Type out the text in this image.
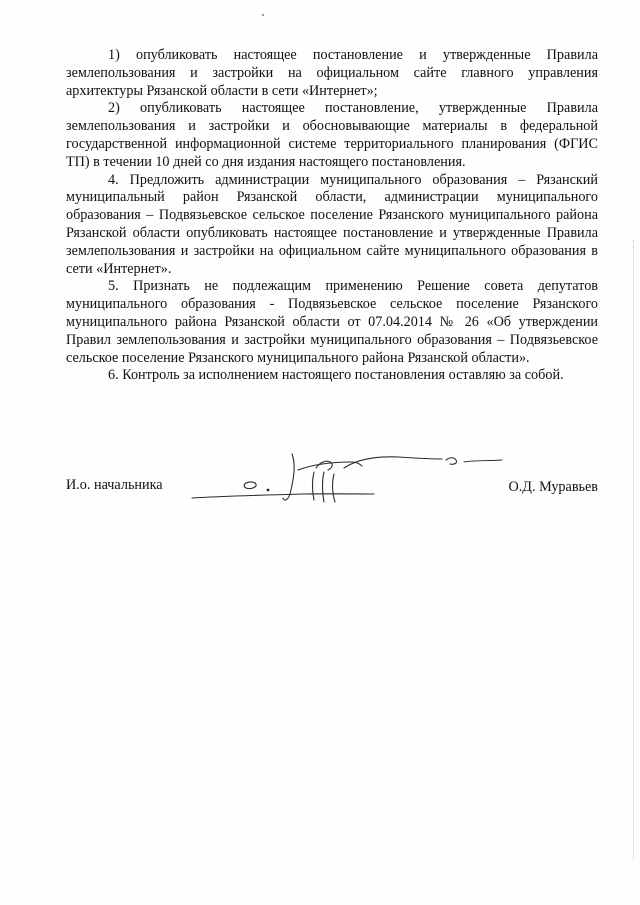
1) опубликовать настоящее постановление и утвержденные Правила землепользования и застройки на официальном сайте главного управления архитектуры Рязанской области в сети «Интернет»;

2) опубликовать настоящее постановление, утвержденные Правила землепользования и застройки и обосновывающие материалы в федеральной государственной информационной системе территориального планирования (ФГИС ТП) в течении 10 дней со дня издания настоящего постановления.

4. Предложить администрации муниципального образования – Рязанский муниципальный район Рязанской области, администрации муниципального образования – Подвязьевское сельское поселение Рязанского муниципального района Рязанской области опубликовать настоящее постановление и утвержденные Правила землепользования и застройки на официальном сайте муниципального образования в сети «Интернет».

5. Признать не подлежащим применению Решение совета депутатов муниципального образования - Подвязьевское сельское поселение Рязанского муниципального района Рязанской области от 07.04.2014 № 26 «Об утверждении Правил землепользования и застройки муниципального образования – Подвязьевское сельское поселение Рязанского муниципального района Рязанской области».

6. Контроль за исполнением настоящего постановления оставляю за собой.

И.о. начальника	О.Д. Муравьев
